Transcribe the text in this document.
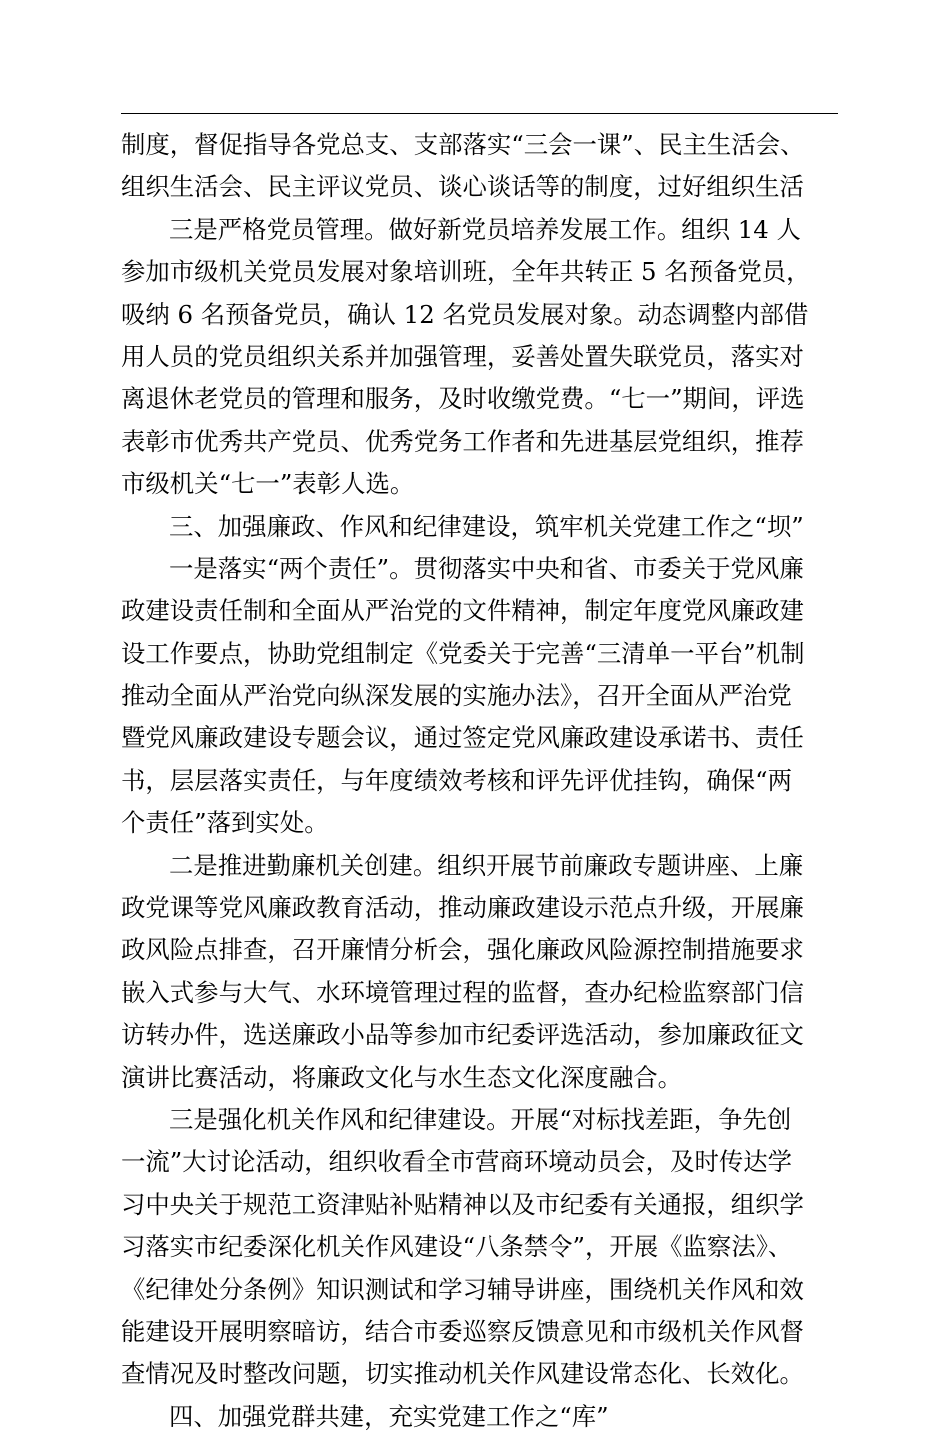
制度，督促指导各党总支、支部落实“三会一课”、民主生活会、
组织生活会、民主评议党员、谈心谈话等的制度，过好组织生活
三是严格党员管理。做好新党员培养发展工作。组织 14 人
参加市级机关党员发展对象培训班，全年共转正 5 名预备党员，
吸纳 6 名预备党员，确认 12 名党员发展对象。动态调整内部借
用人员的党员组织关系并加强管理，妥善处置失联党员，落实对
离退休老党员的管理和服务，及时收缴党费。“七一”期间，评选
表彰市优秀共产党员、优秀党务工作者和先进基层党组织，推荐
市级机关“七一”表彰人选。
三、加强廉政、作风和纪律建设，筑牢机关党建工作之“坝”
一是落实“两个责任”。贯彻落实中央和省、市委关于党风廉
政建设责任制和全面从严治党的文件精神，制定年度党风廉政建
设工作要点，协助党组制定《党委关于完善“三清单一平台”机制
推动全面从严治党向纵深发展的实施办法》，召开全面从严治党
暨党风廉政建设专题会议，通过签定党风廉政建设承诺书、责任
书，层层落实责任，与年度绩效考核和评先评优挂钩，确保“两
个责任”落到实处。
二是推进勤廉机关创建。组织开展节前廉政专题讲座、上廉
政党课等党风廉政教育活动，推动廉政建设示范点升级，开展廉
政风险点排查，召开廉情分析会，强化廉政风险源控制措施要求
嵌入式参与大气、水环境管理过程的监督，查办纪检监察部门信
访转办件，选送廉政小品等参加市纪委评选活动，参加廉政征文
演讲比赛活动，将廉政文化与水生态文化深度融合。
三是强化机关作风和纪律建设。开展“对标找差距，争先创
一流”大讨论活动，组织收看全市营商环境动员会，及时传达学
习中央关于规范工资津贴补贴精神以及市纪委有关通报，组织学
习落实市纪委深化机关作风建设“八条禁令”，开展《监察法》、
《纪律处分条例》知识测试和学习辅导讲座，围绕机关作风和效
能建设开展明察暗访，结合市委巡察反馈意见和市级机关作风督
查情况及时整改问题，切实推动机关作风建设常态化、长效化。
四、加强党群共建，充实党建工作之“库”
